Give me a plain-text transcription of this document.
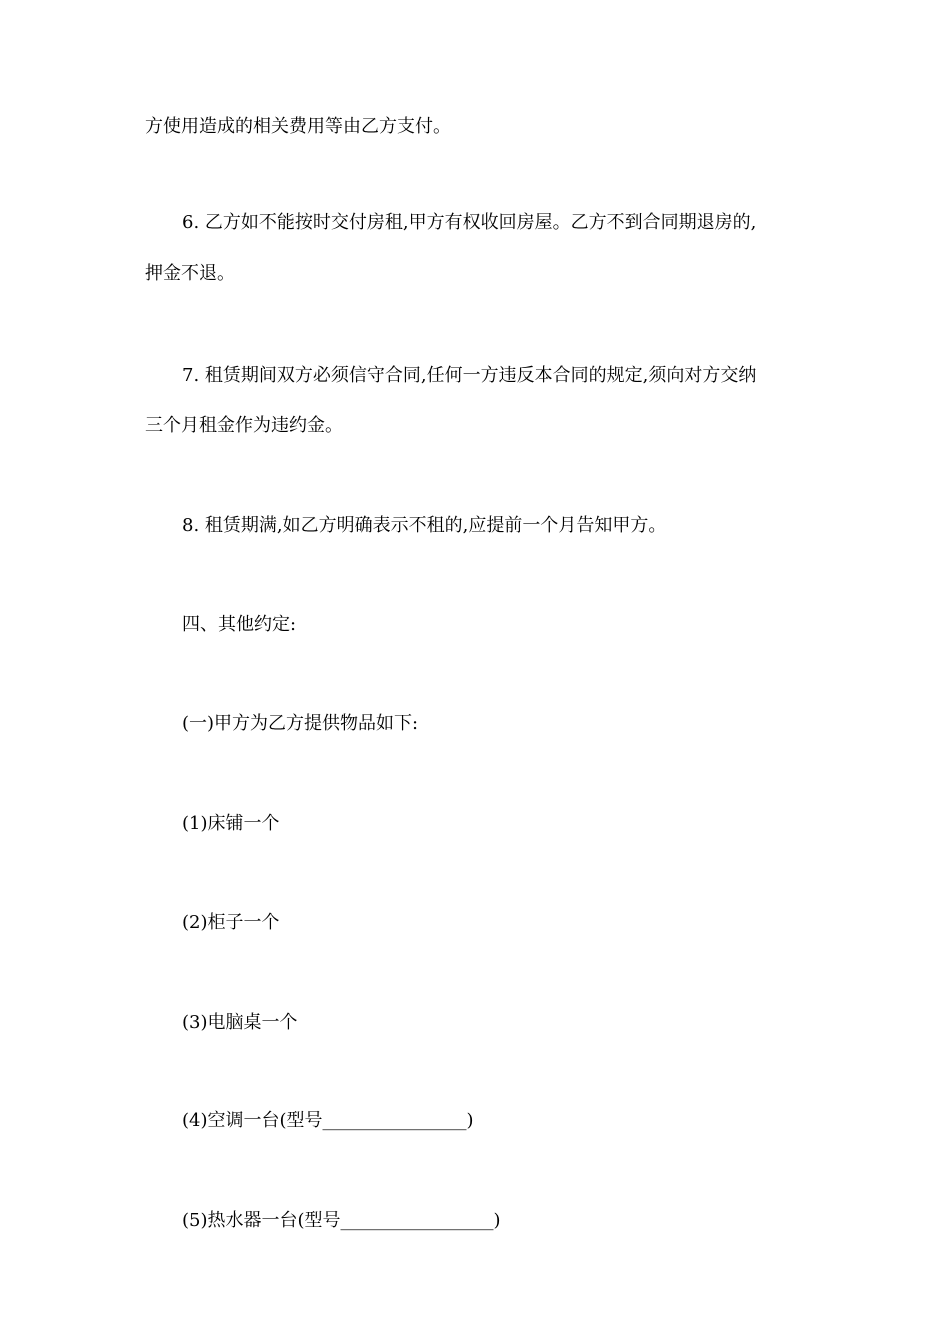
方使用造成的相关费用等由乙方支付。

6. 乙方如不能按时交付房租,甲方有权收回房屋。乙方不到合同期退房的,

押金不退。

7. 租赁期间双方必须信守合同,任何一方违反本合同的规定,须向对方交纳

三个月租金作为违约金。

8. 租赁期满,如乙方明确表示不租的,应提前一个月告知甲方。

四、其他约定:

(一)甲方为乙方提供物品如下:

(1)床铺一个

(2)柜子一个

(3)电脑桌一个

(4)空调一台(型号________________)

(5)热水器一台(型号_________________)
